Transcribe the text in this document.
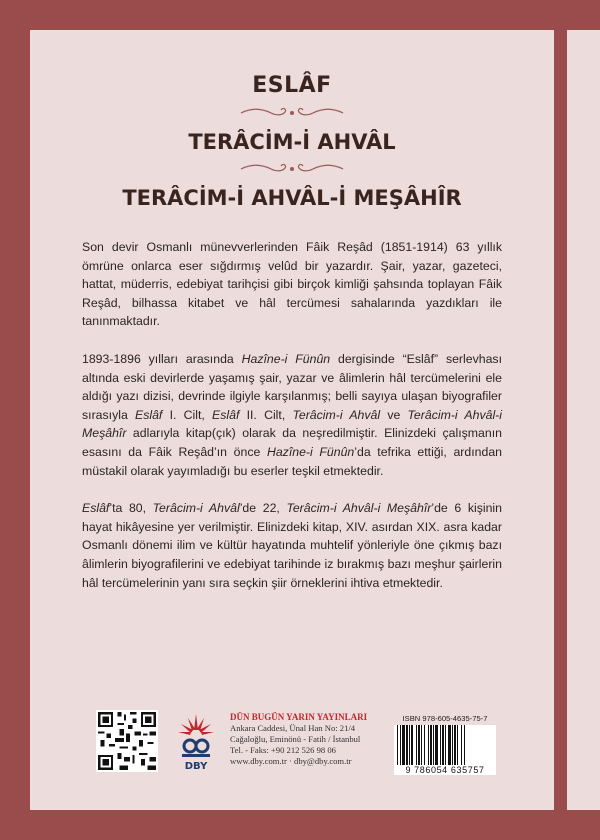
ESLÂF
TERÂCİM-İ AHVÂL
TERÂCİM-İ AHVÂL-İ MEŞÂHÎR

Son devir Osmanlı münevverlerinden Fâik Reşâd (1851-1914) 63 yıllık ömrüne onlarca eser sığdırmış velûd bir yazardır. Şair, yazar, gazeteci, hattat, müderris, edebiyat tarihçisi gibi birçok kimliği şahsında toplayan Fâik Reşâd, bilhassa kitabet ve hâl tercümesi sahalarında yazdıkları ile tanınmaktadır.

1893-1896 yılları arasında Hazîne-i Fünûn dergisinde “Eslâf” serlevhası altında eski devirlerde yaşamış şair, yazar ve âlimlerin hâl tercümelerini ele aldığı yazı dizisi, devrinde ilgiyle karşılanmış; belli sayıya ulaşan biyografiler sırasıyla Eslâf I. Cilt, Eslâf II. Cilt, Terâcim-i Ahvâl ve Terâcim-i Ahvâl-i Meşâhîr adlarıyla kitap(çık) olarak da neşredilmiştir. Elinizdeki çalışmanın esasını da Fâik Reşâd’ın önce Hazîne-i Fünûn’da tefrika ettiği, ardından müstakil olarak yayımladığı bu eserler teşkil etmektedir.

Eslâf’ta 80, Terâcim-i Ahvâl’de 22, Terâcim-i Ahvâl-i Meşâhîr’de 6 kişinin hayat hikâyesine yer verilmiştir. Elinizdeki kitap, XIV. asırdan XIX. asra kadar Osmanlı dönemi ilim ve kültür hayatında muhtelif yönleriyle öne çıkmış bazı âlimlerin biyografilerini ve edebiyat tarihinde iz bırakmış bazı meşhur şairlerin hâl tercümelerinin yanı sıra seçkin şiir örneklerini ihtiva etmektedir.

DBY
DÜN BUGÜN YARIN YAYINLARI
Ankara Caddesi, Ünal Han No: 21/4
Cağaloğlu, Eminönü - Fatih / İstanbul
Tel. - Faks: +90 212 526 98 06
www.dby.com.tr · dby@dby.com.tr
ISBN 978-605-4635-75-7
9 786054 635757
